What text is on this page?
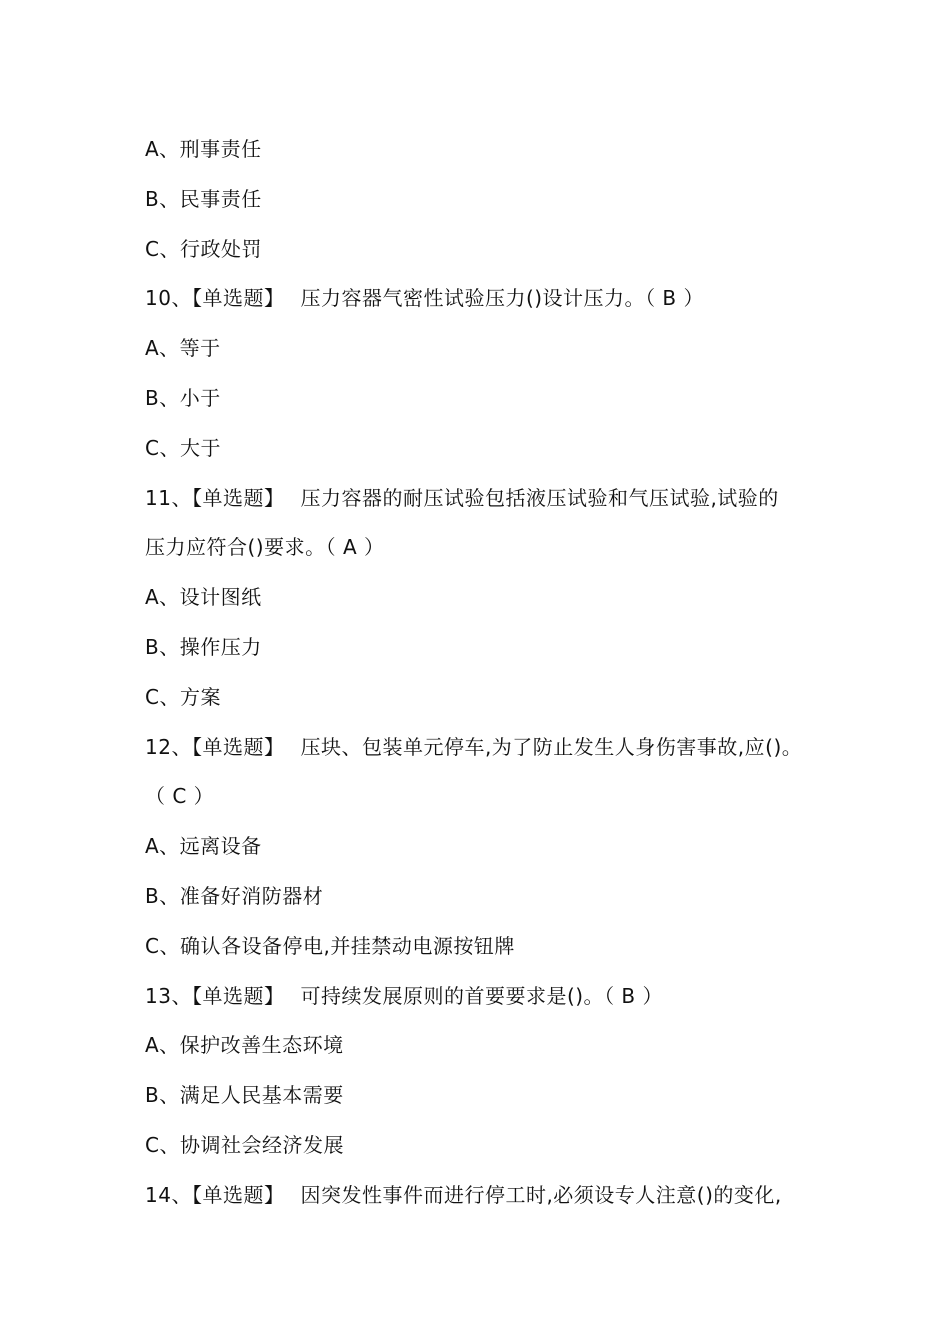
A、刑事责任
B、民事责任
C、行政处罚
10、【单选题】 压力容器气密性试验压力()设计压力。（ B ）
A、等于
B、小于
C、大于
11、【单选题】 压力容器的耐压试验包括液压试验和气压试验,试验的
压力应符合()要求。（ A ）
A、设计图纸
B、操作压力
C、方案
12、【单选题】 压块、包装单元停车,为了防止发生人身伤害事故,应()。
（ C ）
A、远离设备
B、准备好消防器材
C、确认各设备停电,并挂禁动电源按钮牌
13、【单选题】 可持续发展原则的首要要求是()。（ B ）
A、保护改善生态环境
B、满足人民基本需要
C、协调社会经济发展
14、【单选题】 因突发性事件而进行停工时,必须设专人注意()的变化,
